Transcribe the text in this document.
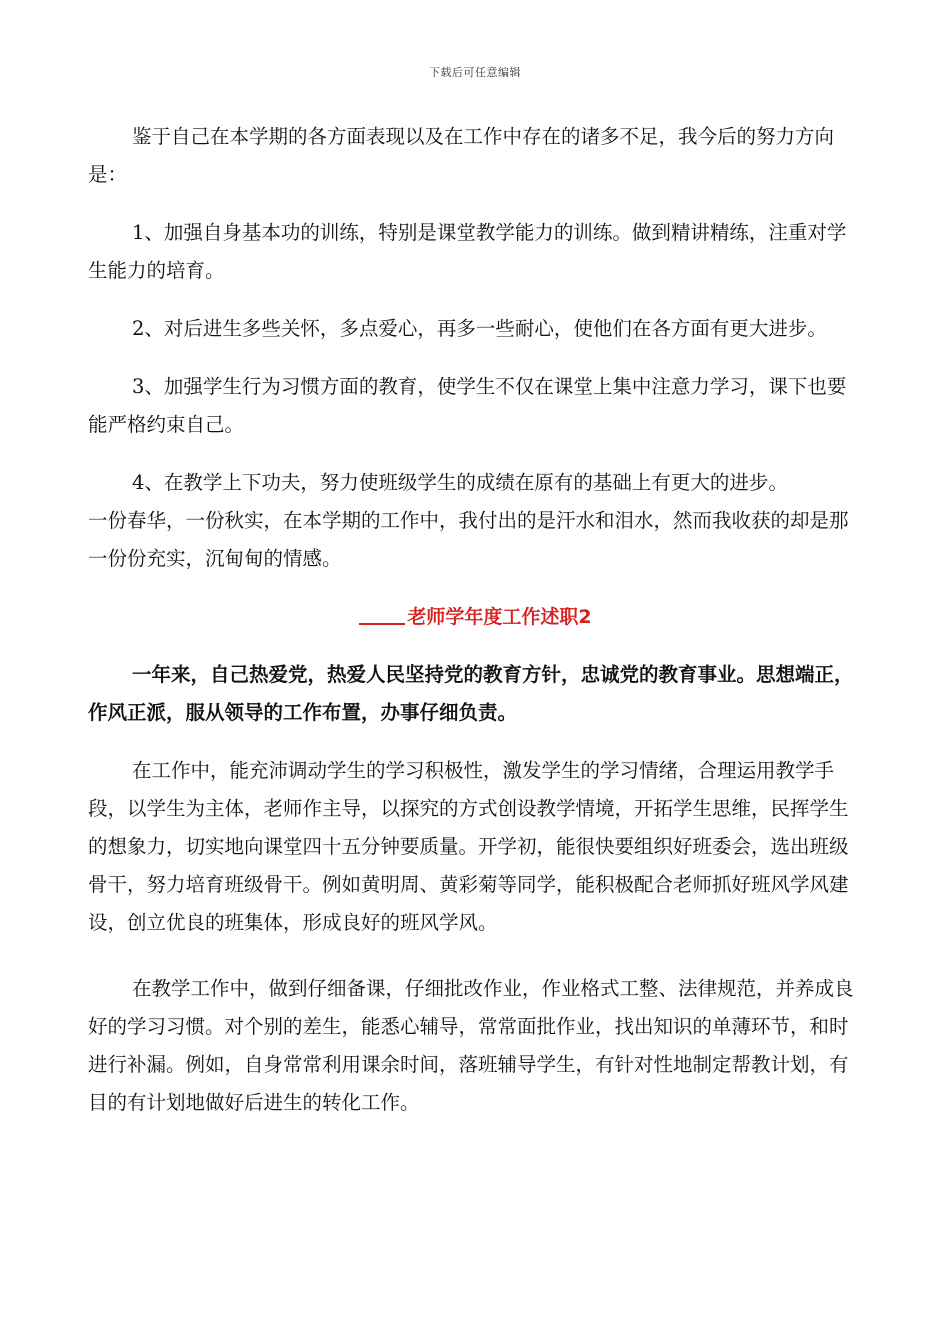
下载后可任意编辑

鉴于自己在本学期的各方面表现以及在工作中存在的诸多不足，我今后的努力方向是：

1、加强自身基本功的训练，特别是课堂教学能力的训练。做到精讲精练，注重对学生能力的培育。

2、对后进生多些关怀，多点爱心，再多一些耐心，使他们在各方面有更大进步。

3、加强学生行为习惯方面的教育，使学生不仅在课堂上集中注意力学习，课下也要能严格约束自己。

4、在教学上下功夫，努力使班级学生的成绩在原有的基础上有更大的进步。

一份春华，一份秋实，在本学期的工作中，我付出的是汗水和泪水，然而我收获的却是那一份份充实，沉甸甸的情感。

老师学年度工作述职2

一年来，自己热爱党，热爱人民坚持党的教育方针，忠诚党的教育事业。思想端正，作风正派，服从领导的工作布置，办事仔细负责。

在工作中，能充沛调动学生的学习积极性，激发学生的学习情绪，合理运用教学手段，以学生为主体，老师作主导，以探究的方式创设教学情境，开拓学生思维，民挥学生的想象力，切实地向课堂四十五分钟要质量。开学初，能很快要组织好班委会，选出班级骨干，努力培育班级骨干。例如黄明周、黄彩菊等同学，能积极配合老师抓好班风学风建设，创立优良的班集体，形成良好的班风学风。

在教学工作中，做到仔细备课，仔细批改作业，作业格式工整、法律规范，并养成良好的学习习惯。对个别的差生，能悉心辅导，常常面批作业，找出知识的单薄环节，和时进行补漏。例如，自身常常利用课余时间，落班辅导学生，有针对性地制定帮教计划，有目的有计划地做好后进生的转化工作。
